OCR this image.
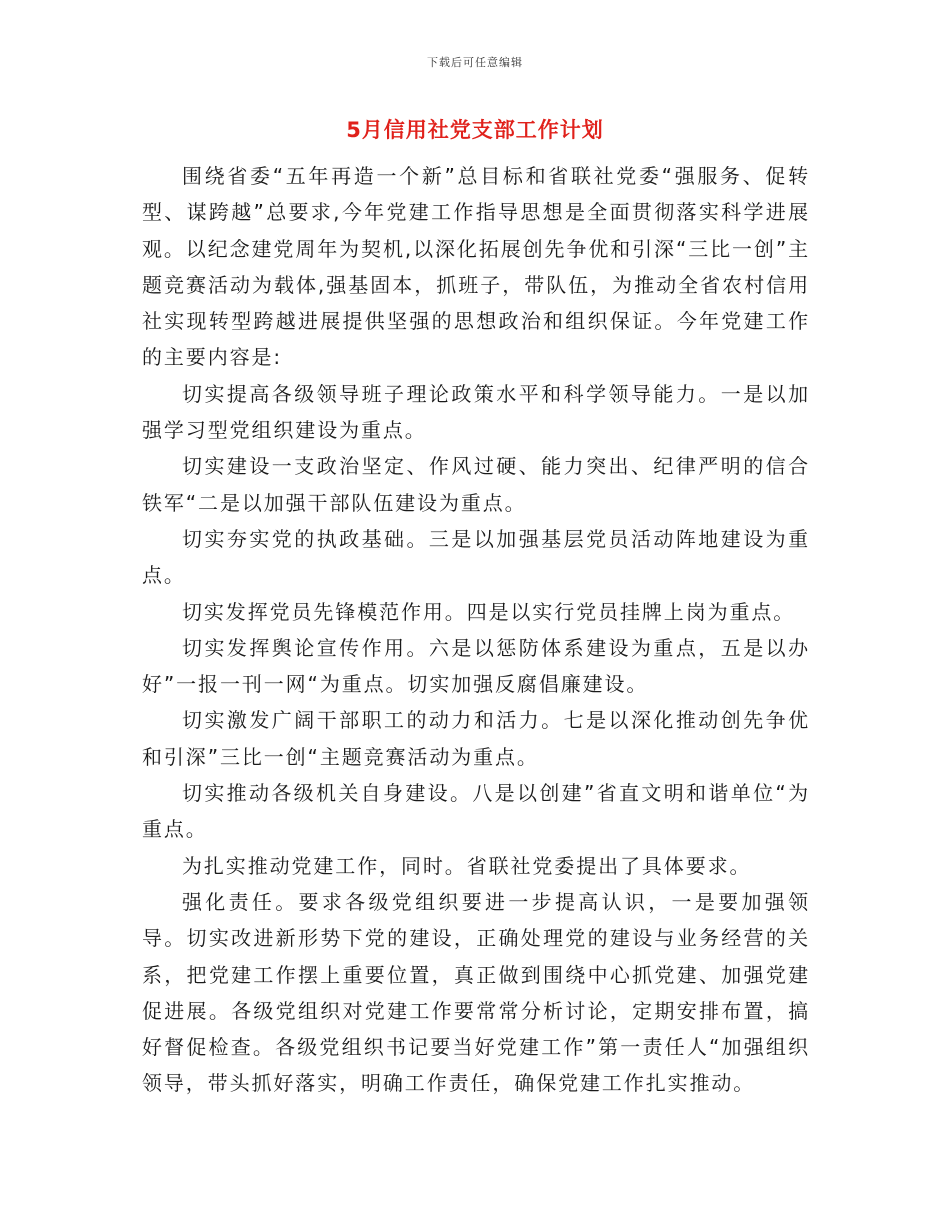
下载后可任意编辑
5月信用社党支部工作计划

围绕省委“五年再造一个新”总目标和省联社党委“强服务、促转型、谋跨越”总要求,今年党建工作指导思想是全面贯彻落实科学进展观。以纪念建党周年为契机,以深化拓展创先争优和引深“三比一创”主题竞赛活动为载体,强基固本，抓班子，带队伍，为推动全省农村信用社实现转型跨越进展提供坚强的思想政治和组织保证。今年党建工作的主要内容是:

切实提高各级领导班子理论政策水平和科学领导能力。一是以加强学习型党组织建设为重点。

切实建设一支政治坚定、作风过硬、能力突出、纪律严明的信合铁军“二是以加强干部队伍建设为重点。

切实夯实党的执政基础。三是以加强基层党员活动阵地建设为重点。

切实发挥党员先锋模范作用。四是以实行党员挂牌上岗为重点。

切实发挥舆论宣传作用。六是以惩防体系建设为重点，五是以办好”一报一刊一网“为重点。切实加强反腐倡廉建设。

切实激发广阔干部职工的动力和活力。七是以深化推动创先争优和引深”三比一创“主题竞赛活动为重点。

切实推动各级机关自身建设。八是以创建”省直文明和谐单位“为重点。

为扎实推动党建工作，同时。省联社党委提出了具体要求。

强化责任。要求各级党组织要进一步提高认识，一是要加强领导。切实改进新形势下党的建设，正确处理党的建设与业务经营的关系，把党建工作摆上重要位置，真正做到围绕中心抓党建、加强党建促进展。各级党组织对党建工作要常常分析讨论，定期安排布置，搞好督促检查。各级党组织书记要当好党建工作”第一责任人“加强组织领导，带头抓好落实，明确工作责任，确保党建工作扎实推动。
